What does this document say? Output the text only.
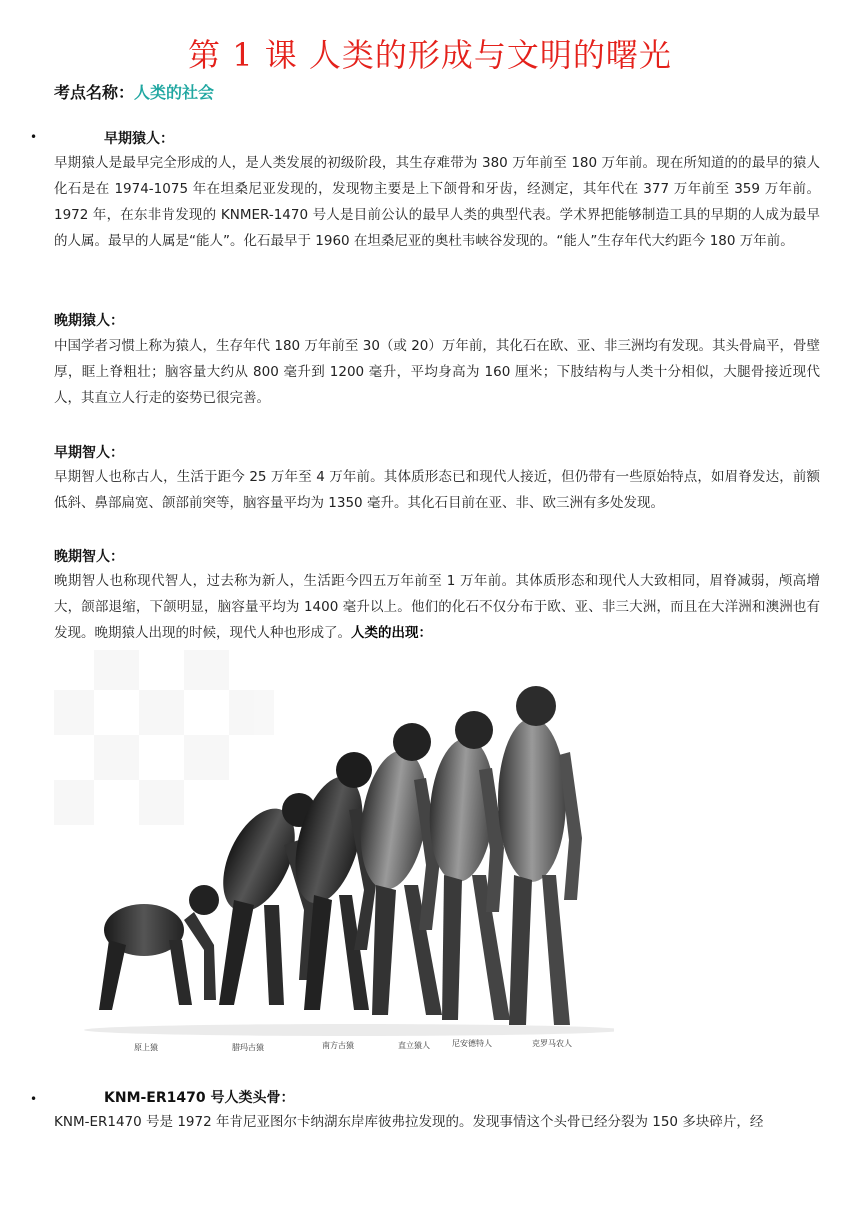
第 1 课 人类的形成与文明的曙光
考点名称：人类的社会
•	早期猿人：
早期猿人是最早完全形成的人，是人类发展的初级阶段，其生存难带为 380 万年前至 180 万年前。现在所知道的的最早的猿人化石是在 1974-1075 年在坦桑尼亚发现的，发现物主要是上下颌骨和牙齿，经测定，其年代在 377 万年前至 359 万年前。1972 年，在东非肯发现的 KNMER-1470 号人是目前公认的最早人类的典型代表。学术界把能够制造工具的早期的人成为最早的人属。最早的人属是“能人”。化石最早于 1960 在坦桑尼亚的奥杜韦峡谷发现的。“能人”生存年代大约距今 180 万年前。
晚期猿人：
中国学者习惯上称为猿人，生存年代 180 万年前至 30（或 20）万年前，其化石在欧、亚、非三洲均有发现。其头骨扁平，骨壁厚，眶上脊粗壮；脑容量大约从 800 毫升到 1200 毫升，平均身高为 160 厘米；下肢结构与人类十分相似，大腿骨接近现代人，其直立人行走的姿势已很完善。
早期智人：
早期智人也称古人，生活于距今 25 万年至 4 万年前。其体质形态已和现代人接近，但仍带有一些原始特点，如眉脊发达，前额低斜、鼻部扁宽、颌部前突等，脑容量平均为 1350 毫升。其化石目前在亚、非、欧三洲有多处发现。
晚期智人：
晚期智人也称现代智人，过去称为新人，生活距今四五万年前至 1 万年前。其体质形态和现代人大致相同，眉脊减弱，颅高增大，颌部退缩，下颌明显，脑容量平均为 1400 毫升以上。他们的化石不仅分布于欧、亚、非三大洲，而且在大洋洲和澳洲也有发现。晚期猿人出现的时候，现代人种也形成了。人类的出现：
原上猿	腊玛古猿	南方古猿	直立猿人	尼安德特人	克罗马农人
•	KNM-ER1470 号人类头骨：
KNM-ER1470 号是 1972 年肯尼亚图尔卡纳湖东岸库彼弗拉发现的。发现事情这个头骨已经分裂为 150 多块碎片，经
